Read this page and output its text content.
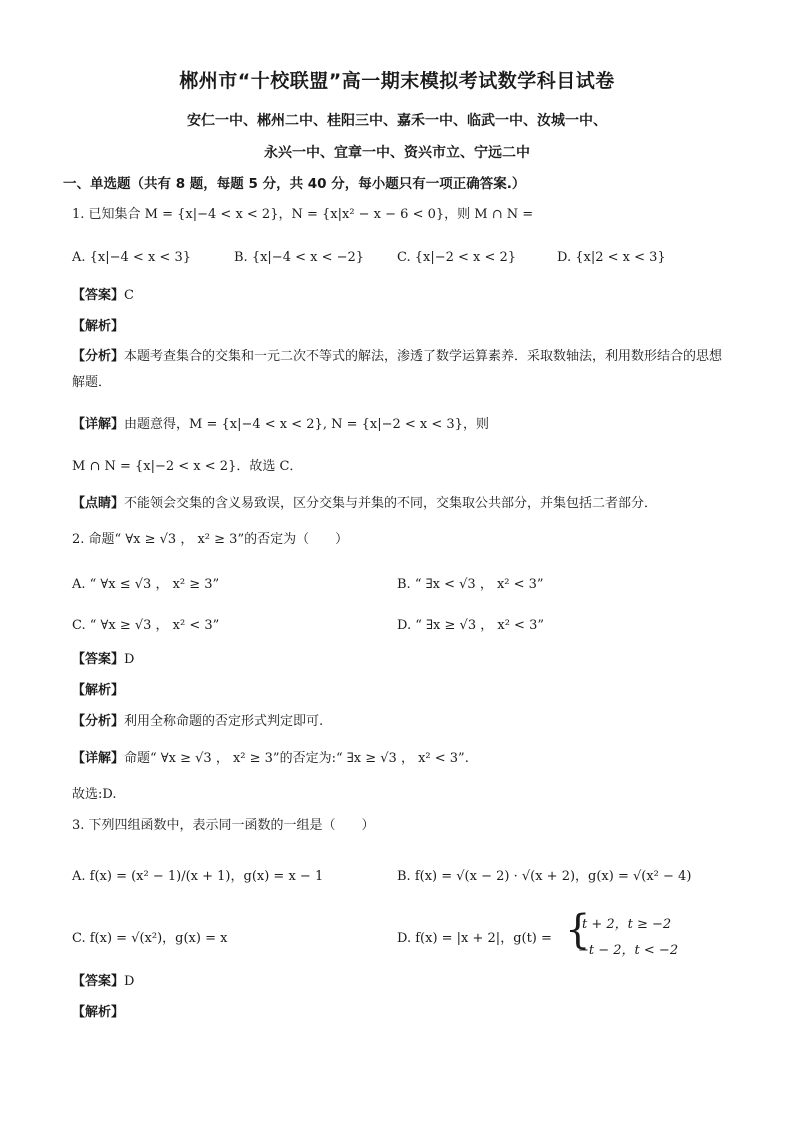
郴州市“十校联盟”高一期末模拟考试数学科目试卷
安仁一中、郴州二中、桂阳三中、嘉禾一中、临武一中、汝城一中、
永兴一中、宜章一中、资兴市立、宁远二中
一、单选题（共有 8 题，每题 5 分，共 40 分，每小题只有一项正确答案.）
1. 已知集合 M = {x|−4 < x < 2}，N = {x|x² − x − 6 < 0}，则 M ∩ N =
A. {x|−4 < x < 3}	B. {x|−4 < x < −2}	C. {x|−2 < x < 2}	D. {x|2 < x < 3}
【答案】C
【解析】
【分析】本题考查集合的交集和一元二次不等式的解法，渗透了数学运算素养．采取数轴法，利用数形结合的思想解题．
【详解】由题意得，M = {x|−4 < x < 2}, N = {x|−2 < x < 3}，则
M ∩ N = {x|−2 < x < 2}．故选 C．
【点睛】不能领会交集的含义易致误，区分交集与并集的不同，交集取公共部分，并集包括二者部分．
2. 命题“ ∀x ≥ √3 ， x² ≥ 3”的否定为（　　）
A. “ ∀x ≤ √3 ， x² ≥ 3”	B. “ ∃x < √3 ， x² < 3”
C. “ ∀x ≥ √3 ， x² < 3”	D. “ ∃x ≥ √3 ， x² < 3”
【答案】D
【解析】
【分析】利用全称命题的否定形式判定即可.
【详解】命题“ ∀x ≥ √3 ， x² ≥ 3”的否定为:“ ∃x ≥ √3 ， x² < 3”.
故选:D.
3. 下列四组函数中，表示同一函数的一组是（　　）
A. f(x) = (x² − 1)/(x + 1)，g(x) = x − 1	B. f(x) = √(x − 2) · √(x + 2)，g(x) = √(x² − 4)
C. f(x) = √(x²)，g(x) = x	D. f(x) = |x + 2|，g(t) = {
t + 2，t ≥ −2
−t − 2，t < −2
【答案】D
【解析】
